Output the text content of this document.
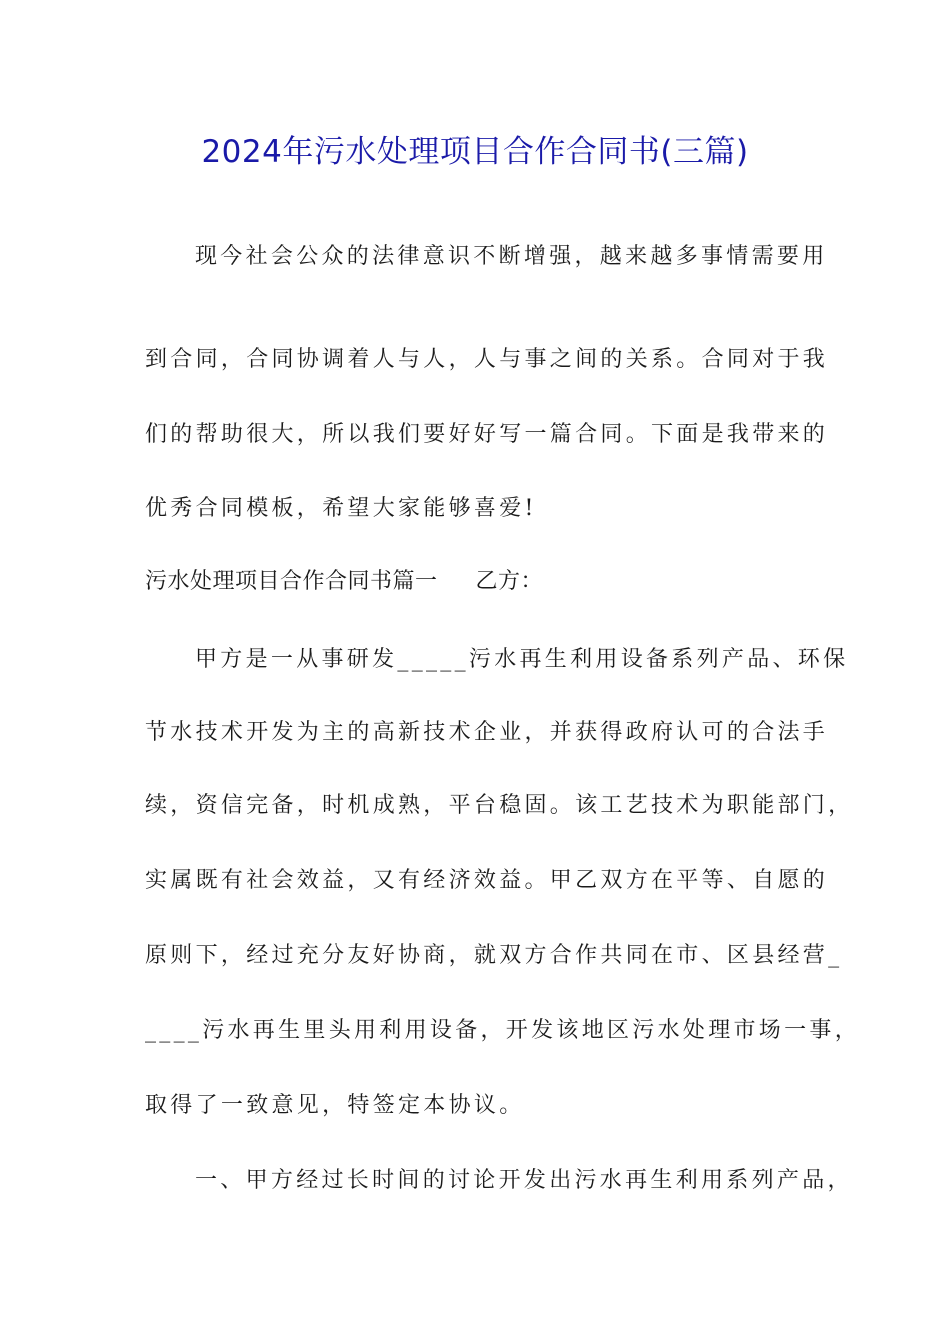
2024年污水处理项目合作合同书(三篇)
现今社会公众的法律意识不断增强，越来越多事情需要用
到合同，合同协调着人与人，人与事之间的关系。合同对于我
们的帮助很大，所以我们要好好写一篇合同。下面是我带来的
优秀合同模板，希望大家能够喜爱!
污水处理项目合作合同书篇一 乙方：
甲方是一从事研发_____污水再生利用设备系列产品、环保
节水技术开发为主的高新技术企业，并获得政府认可的合法手
续，资信完备，时机成熟，平台稳固。该工艺技术为职能部门，
实属既有社会效益，又有经济效益。甲乙双方在平等、自愿的
原则下，经过充分友好协商，就双方合作共同在市、区县经营_
____污水再生里头用利用设备，开发该地区污水处理市场一事，
取得了一致意见，特签定本协议。
一、甲方经过长时间的讨论开发出污水再生利用系列产品，
